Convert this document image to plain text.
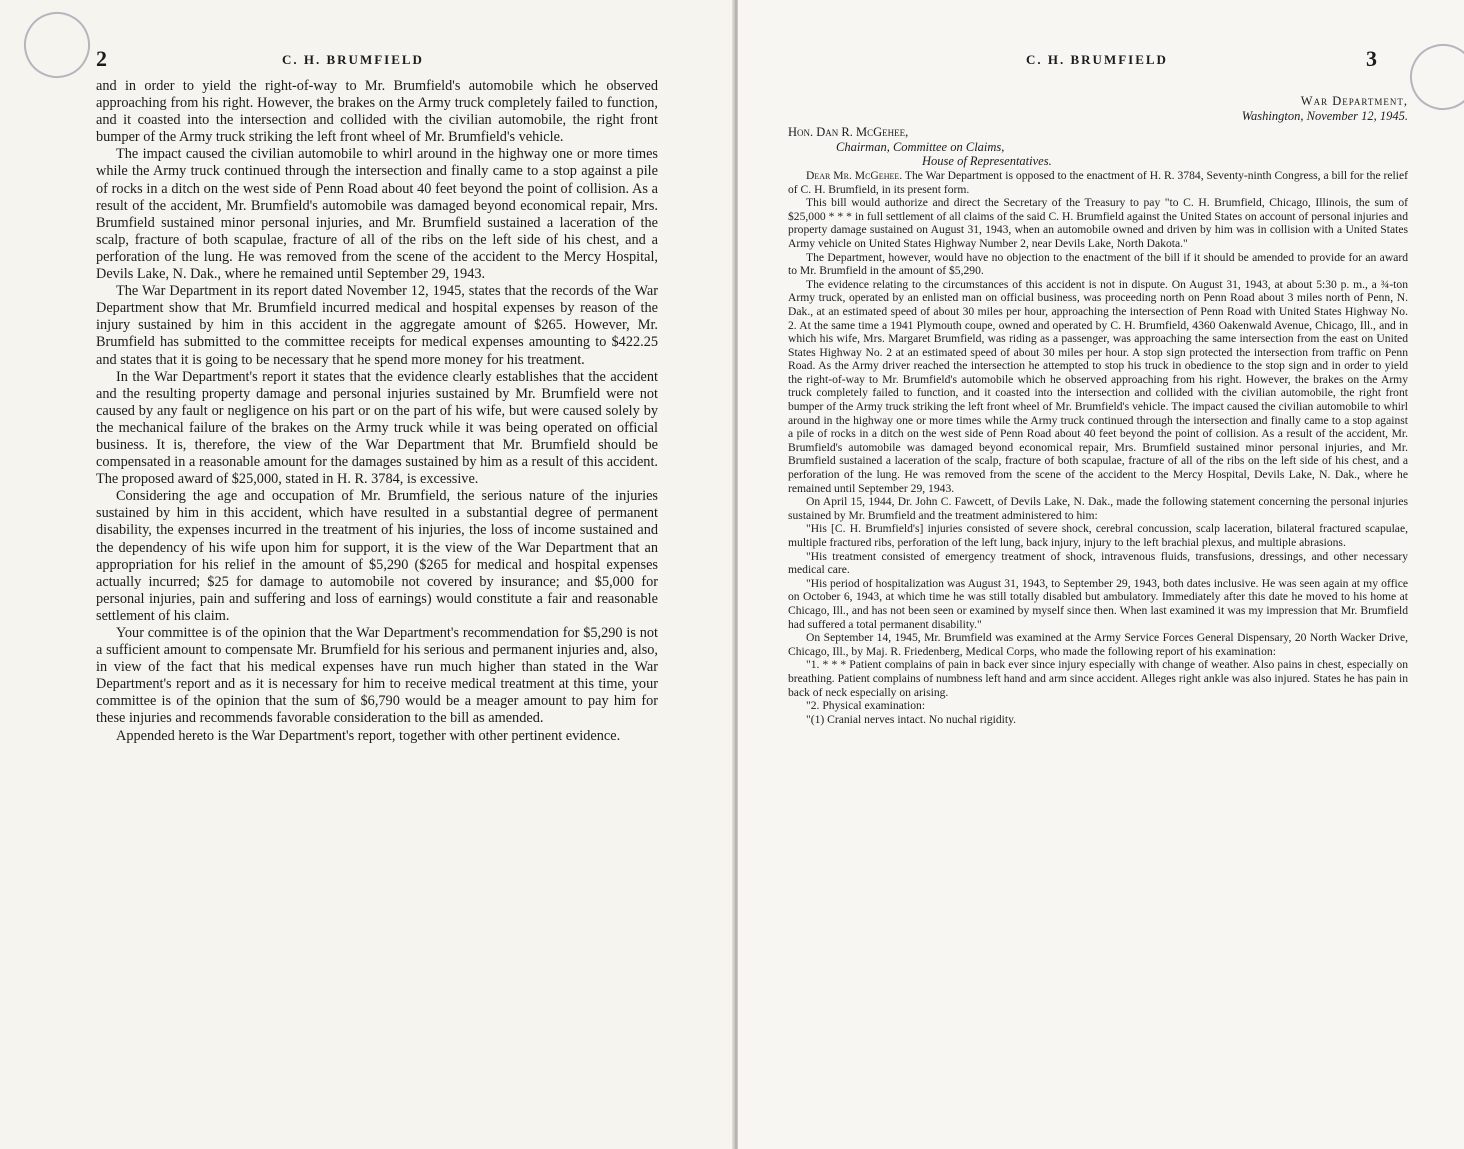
2	C. H. BRUMFIELD

and in order to yield the right-of-way to Mr. Brumfield's automobile which he observed approaching from his right. However, the brakes on the Army truck completely failed to function, and it coasted into the intersection and collided with the civilian automobile, the right front bumper of the Army truck striking the left front wheel of Mr. Brumfield's vehicle.

The impact caused the civilian automobile to whirl around in the highway one or more times while the Army truck continued through the intersection and finally came to a stop against a pile of rocks in a ditch on the west side of Penn Road about 40 feet beyond the point of collision. As a result of the accident, Mr. Brumfield's automobile was damaged beyond economical repair, Mrs. Brumfield sustained minor personal injuries, and Mr. Brumfield sustained a laceration of the scalp, fracture of both scapulae, fracture of all of the ribs on the left side of his chest, and a perforation of the lung. He was removed from the scene of the accident to the Mercy Hospital, Devils Lake, N. Dak., where he remained until September 29, 1943.

The War Department in its report dated November 12, 1945, states that the records of the War Department show that Mr. Brumfield incurred medical and hospital expenses by reason of the injury sustained by him in this accident in the aggregate amount of $265. However, Mr. Brumfield has submitted to the committee receipts for medical expenses amounting to $422.25 and states that it is going to be necessary that he spend more money for his treatment.

In the War Department's report it states that the evidence clearly establishes that the accident and the resulting property damage and personal injuries sustained by Mr. Brumfield were not caused by any fault or negligence on his part or on the part of his wife, but were caused solely by the mechanical failure of the brakes on the Army truck while it was being operated on official business. It is, therefore, the view of the War Department that Mr. Brumfield should be compensated in a reasonable amount for the damages sustained by him as a result of this accident. The proposed award of $25,000, stated in H. R. 3784, is excessive.

Considering the age and occupation of Mr. Brumfield, the serious nature of the injuries sustained by him in this accident, which have resulted in a substantial degree of permanent disability, the expenses incurred in the treatment of his injuries, the loss of income sustained and the dependency of his wife upon him for support, it is the view of the War Department that an appropriation for his relief in the amount of $5,290 ($265 for medical and hospital expenses actually incurred; $25 for damage to automobile not covered by insurance; and $5,000 for personal injuries, pain and suffering and loss of earnings) would constitute a fair and reasonable settlement of his claim.

Your committee is of the opinion that the War Department's recommendation for $5,290 is not a sufficient amount to compensate Mr. Brumfield for his serious and permanent injuries and, also, in view of the fact that his medical expenses have run much higher than stated in the War Department's report and as it is necessary for him to receive medical treatment at this time, your committee is of the opinion that the sum of $6,790 would be a meager amount to pay him for these injuries and recommends favorable consideration to the bill as amended.

Appended hereto is the War Department's report, together with other pertinent evidence.

C. H. BRUMFIELD	3
War Department,
Washington, November 12, 1945.
Hon. Dan R. McGehee,
Chairman, Committee on Claims,
House of Representatives.

Dear Mr. McGehee. The War Department is opposed to the enactment of H. R. 3784, Seventy-ninth Congress, a bill for the relief of C. H. Brumfield, in its present form.

This bill would authorize and direct the Secretary of the Treasury to pay "to C. H. Brumfield, Chicago, Illinois, the sum of $25,000 * * * in full settlement of all claims of the said C. H. Brumfield against the United States on account of personal injuries and property damage sustained on August 31, 1943, when an automobile owned and driven by him was in collision with a United States Army vehicle on United States Highway Number 2, near Devils Lake, North Dakota."

The Department, however, would have no objection to the enactment of the bill if it should be amended to provide for an award to Mr. Brumfield in the amount of $5,290.

The evidence relating to the circumstances of this accident is not in dispute. On August 31, 1943, at about 5:30 p. m., a ¾-ton Army truck, operated by an enlisted man on official business, was proceeding north on Penn Road about 3 miles north of Penn, N. Dak., at an estimated speed of about 30 miles per hour, approaching the intersection of Penn Road with United States Highway No. 2. At the same time a 1941 Plymouth coupe, owned and operated by C. H. Brumfield, 4360 Oakenwald Avenue, Chicago, Ill., and in which his wife, Mrs. Margaret Brumfield, was riding as a passenger, was approaching the same intersection from the east on United States Highway No. 2 at an estimated speed of about 30 miles per hour. A stop sign protected the intersection from traffic on Penn Road. As the Army driver reached the intersection he attempted to stop his truck in obedience to the stop sign and in order to yield the right-of-way to Mr. Brumfield's automobile which he observed approaching from his right. However, the brakes on the Army truck completely failed to function, and it coasted into the intersection and collided with the civilian automobile, the right front bumper of the Army truck striking the left front wheel of Mr. Brumfield's vehicle. The impact caused the civilian automobile to whirl around in the highway one or more times while the Army truck continued through the intersection and finally came to a stop against a pile of rocks in a ditch on the west side of Penn Road about 40 feet beyond the point of collision. As a result of the accident, Mr. Brumfield's automobile was damaged beyond economical repair, Mrs. Brumfield sustained minor personal injuries, and Mr. Brumfield sustained a laceration of the scalp, fracture of both scapulae, fracture of all of the ribs on the left side of his chest, and a perforation of the lung. He was removed from the scene of the accident to the Mercy Hospital, Devils Lake, N. Dak., where he remained until September 29, 1943.

On April 15, 1944, Dr. John C. Fawcett, of Devils Lake, N. Dak., made the following statement concerning the personal injuries sustained by Mr. Brumfield and the treatment administered to him:

"His [C. H. Brumfield's] injuries consisted of severe shock, cerebral concussion, scalp laceration, bilateral fractured scapulae, multiple fractured ribs, perforation of the left lung, back injury, injury to the left brachial plexus, and multiple abrasions.

"His treatment consisted of emergency treatment of shock, intravenous fluids, transfusions, dressings, and other necessary medical care.

"His period of hospitalization was August 31, 1943, to September 29, 1943, both dates inclusive. He was seen again at my office on October 6, 1943, at which time he was still totally disabled but ambulatory. Immediately after this date he moved to his home at Chicago, Ill., and has not been seen or examined by myself since then. When last examined it was my impression that Mr. Brumfield had suffered a total permanent disability."

On September 14, 1945, Mr. Brumfield was examined at the Army Service Forces General Dispensary, 20 North Wacker Drive, Chicago, Ill., by Maj. R. Friedenberg, Medical Corps, who made the following report of his examination:

"1. * * * Patient complains of pain in back ever since injury especially with change of weather. Also pains in chest, especially on breathing. Patient complains of numbness left hand and arm since accident. Alleges right ankle was also injured. States he has pain in back of neck especially on arising.

"2. Physical examination:

"(1) Cranial nerves intact. No nuchal rigidity.
